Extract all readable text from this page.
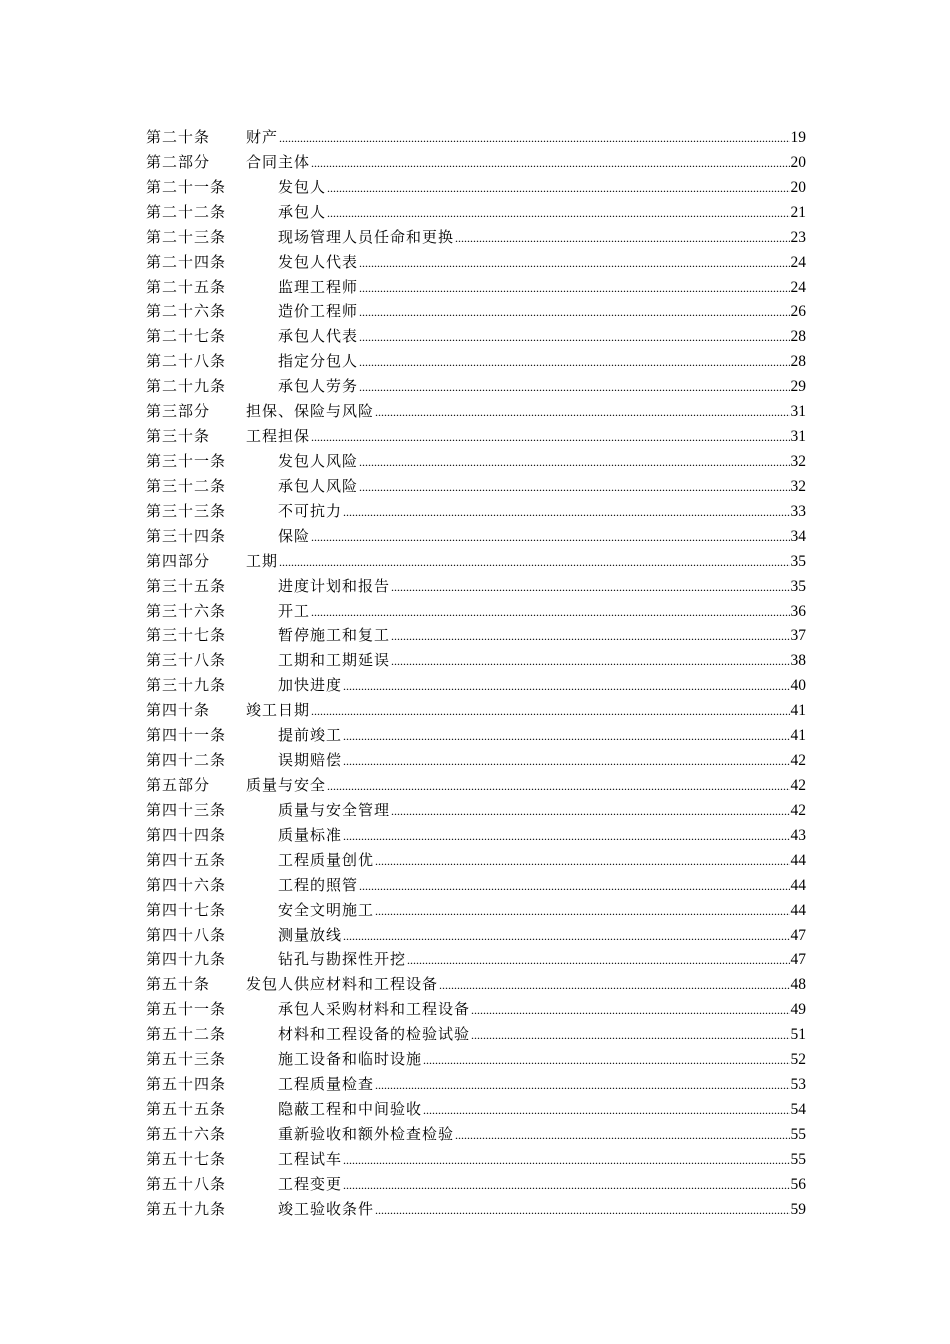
第二十条	财产 .....	19
第二部分	合同主体 .....	20
第二十一条	发包人 .....	20
第二十二条	承包人 .....	21
第二十三条	现场管理人员任命和更换 .....	23
第二十四条	发包人代表 .....	24
第二十五条	监理工程师 .....	24
第二十六条	造价工程师 .....	26
第二十七条	承包人代表 .....	28
第二十八条	指定分包人 .....	28
第二十九条	承包人劳务 .....	29
第三部分	担保、保险与风险 .....	31
第三十条	工程担保 .....	31
第三十一条	发包人风险 .....	32
第三十二条	承包人风险 .....	32
第三十三条	不可抗力 .....	33
第三十四条	保险 .....	34
第四部分	工期 .....	35
第三十五条	进度计划和报告 .....	35
第三十六条	开工 .....	36
第三十七条	暂停施工和复工 .....	37
第三十八条	工期和工期延误 .....	38
第三十九条	加快进度 .....	40
第四十条	竣工日期 .....	41
第四十一条	提前竣工 .....	41
第四十二条	误期赔偿 .....	42
第五部分	质量与安全 .....	42
第四十三条	质量与安全管理 .....	42
第四十四条	质量标准 .....	43
第四十五条	工程质量创优 .....	44
第四十六条	工程的照管 .....	44
第四十七条	安全文明施工 .....	44
第四十八条	测量放线 .....	47
第四十九条	钻孔与勘探性开挖 .....	47
第五十条	发包人供应材料和工程设备 .....	48
第五十一条	承包人采购材料和工程设备 .....	49
第五十二条	材料和工程设备的检验试验 .....	51
第五十三条	施工设备和临时设施 .....	52
第五十四条	工程质量检查 .....	53
第五十五条	隐蔽工程和中间验收 .....	54
第五十六条	重新验收和额外检查检验 .....	55
第五十七条	工程试车 .....	55
第五十八条	工程变更 .....	56
第五十九条	竣工验收条件 .....	59
